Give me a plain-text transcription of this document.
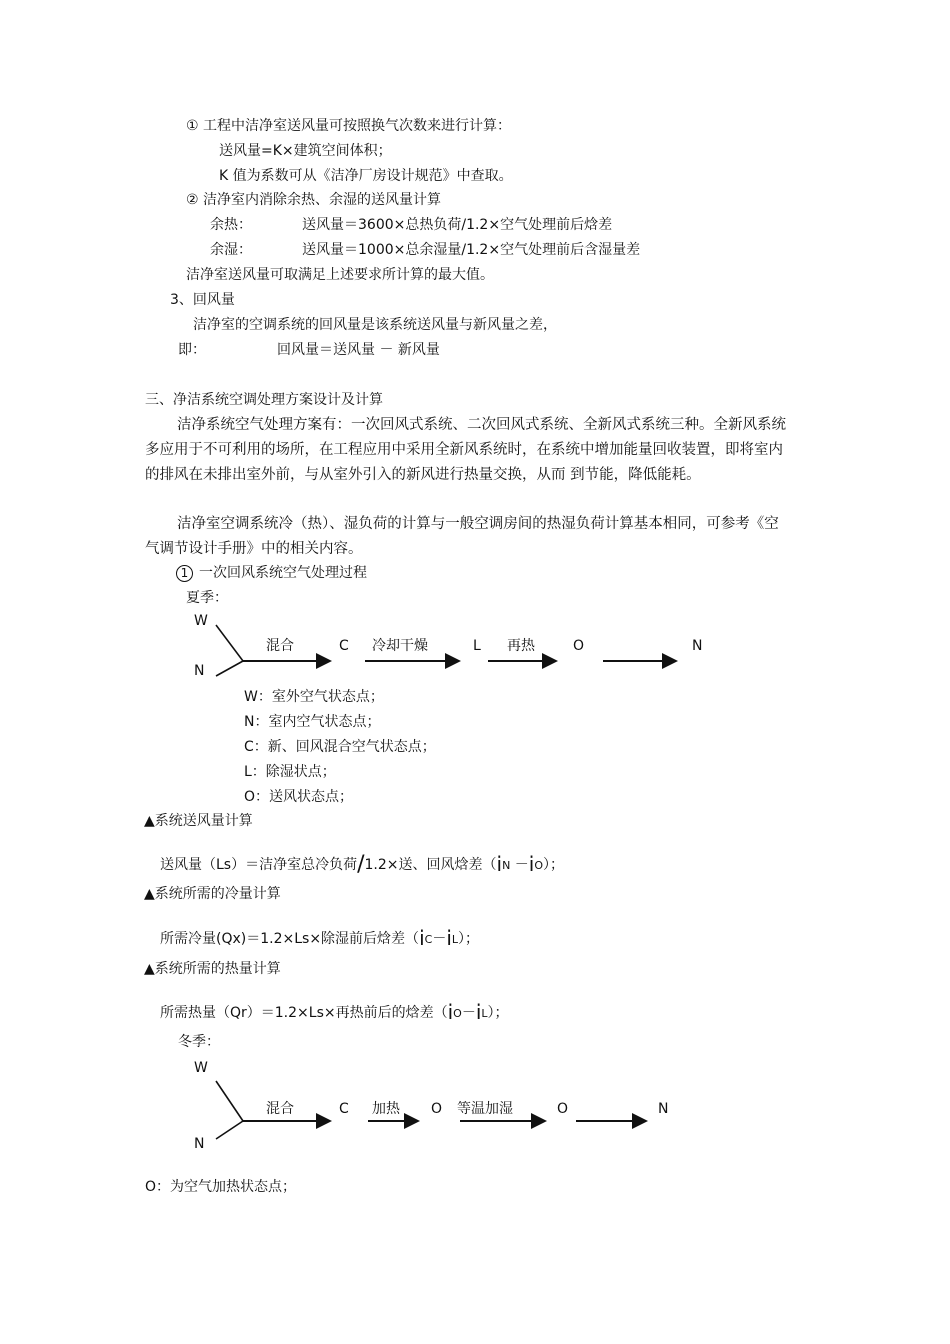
① 工程中洁净室送风量可按照换气次数来进行计算：
送风量=K×建筑空间体积；
K 值为系数可从《洁净厂房设计规范》中查取。
② 洁净室内消除余热、余湿的送风量计算
余热：	送风量＝3600×总热负荷/1.2×空气处理前后焓差
余湿：	送风量＝1000×总余湿量/1.2×空气处理前后含湿量差
洁净室送风量可取满足上述要求所计算的最大值。
3、回风量
洁净室的空调系统的回风量是该系统送风量与新风量之差，
即：	回风量＝送风量 － 新风量
三、净洁系统空调处理方案设计及计算
洁净系统空气处理方案有：一次回风式系统、二次回风式系统、全新风式系统三种。全新风系统多应用于不可利用的场所，在工程应用中采用全新风系统时，在系统中增加能量回收装置，即将室内的排风在未排出室外前，与从室外引入的新风进行热量交换，从而 到节能，降低能耗。
洁净室空调系统冷（热）、湿负荷的计算与一般空调房间的热湿负荷计算基本相同，可参考《空气调节设计手册》中的相关内容。
1 一次回风系统空气处理过程
夏季：
W
N
混合	C 冷却干燥	L 再热	O	N
W：室外空气状态点；
N：室内空气状态点；
C：新、回风混合空气状态点；
L：除湿状点；
O：送风状态点；
▲系统送风量计算
送风量（Ls）＝洁净室总冷负荷/1.2×送、回风焓差（iN －iO）；
▲系统所需的冷量计算
所需冷量(Qx)＝1.2×Ls×除湿前后焓差（iC－iL）；
▲系统所需的热量计算
所需热量（Qr）＝1.2×Ls×再热前后的焓差（iO－iL）；
冬季：
W
N
混合	C 加热 O 等温加湿	O	N
O：为空气加热状态点；
